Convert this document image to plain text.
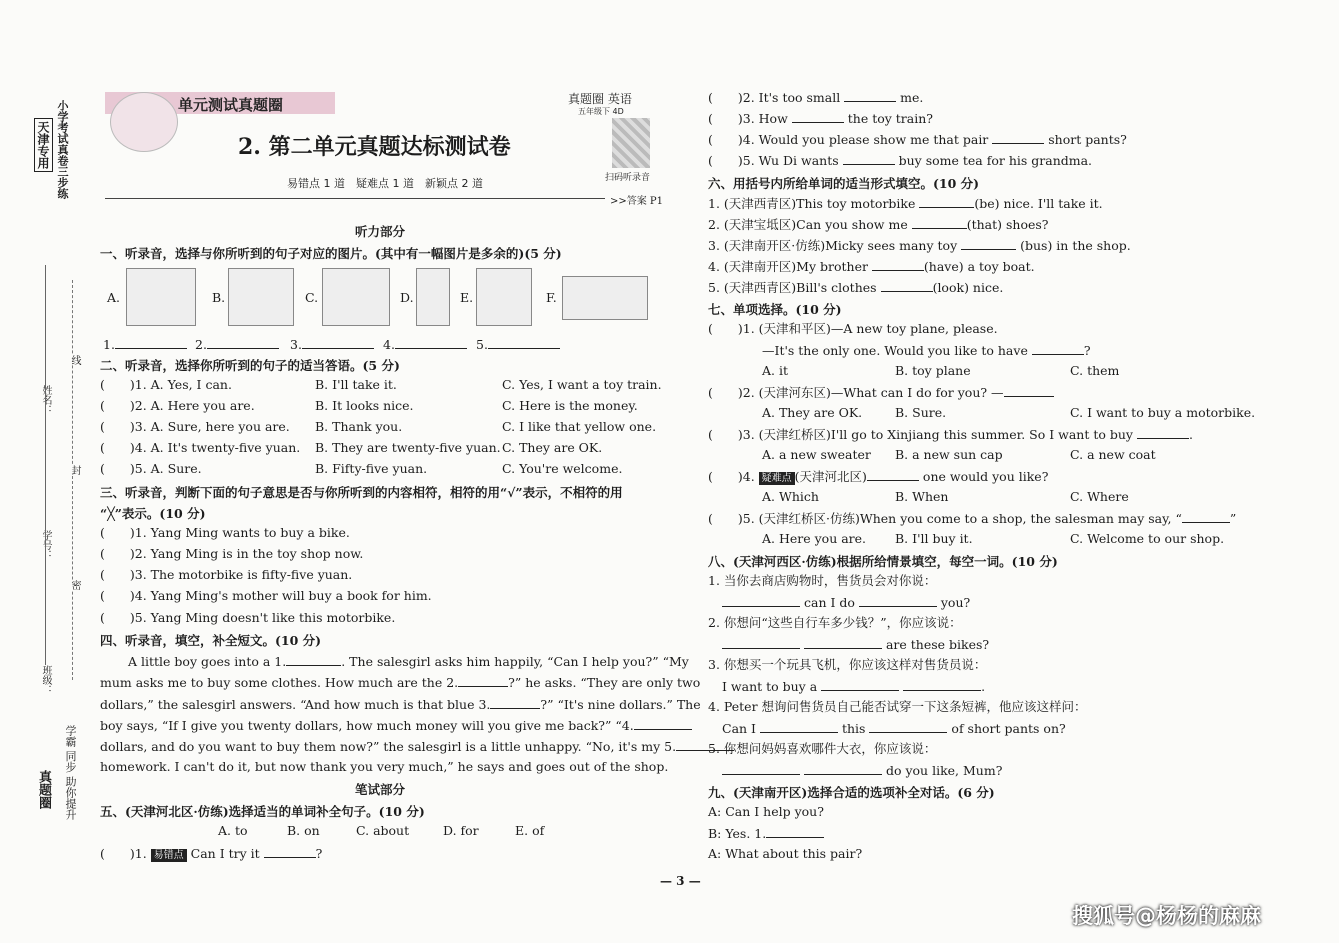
天津专用 小学考试真卷三步练
真题圈	学霸 同步 助你提升
班级：
线
封
密
单元测试真题圈	真题圈 英语
五年级下 4D
2. 第二单元真题达标测试卷
扫码听录音
易错点 1 道　疑难点 1 道　新颖点 2 道
>>答案 P1
听力部分
一、听录音，选择与你所听到的句子对应的图片。(其中有一幅图片是多余的)(5 分)
A.	B.	C.	D.	E.	F.
1.	2.	3.	4.	5.
二、听录音，选择你所听到的句子的适当答语。(5 分)
(　　)1. A. Yes, I can.	B. I'll take it.	C. Yes, I want a toy train.
(　　)2. A. Here you are.	B. It looks nice.	C. Here is the money.
(　　)3. A. Sure, here you are. B. Thank you.	C. I like that yellow one.
(　　)4. A. It's twenty-five yuan. B. They are twenty-five yuan. C. They are OK.
(　　)5. A. Sure.	B. Fifty-five yuan.	C. You're welcome.
三、听录音，判断下面的句子意思是否与你所听到的内容相符，相符的用“√”表示，不相符的用
“╳”表示。(10 分)
(　　)1. Yang Ming wants to buy a bike.
(　　)2. Yang Ming is in the toy shop now.
(　　)3. The motorbike is fifty-five yuan.
(　　)4. Yang Ming's mother will buy a book for him.
(　　)5. Yang Ming doesn't like this motorbike.
四、听录音，填空，补全短文。(10 分)
A little boy goes into a 1.	. The salesgirl asks him happily, “Can I help you?” “My
mum asks me to buy some clothes. How much are the 2.	?” he asks. “They are only two
dollars,” the salesgirl answers. “And how much is that blue 3.	?” “It's nine dollars.” The
boy says, “If I give you twenty dollars, how much money will you give me back?” “4.
dollars, and do you want to buy them now?” the salesgirl is a little unhappy. “No, it's my 5.
homework. I can't do it, but now thank you very much,” he says and goes out of the shop.
笔试部分
五、(天津河北区·仿练)选择适当的单词补全句子。(10 分)
A. to	B. on	C. about	D. for	E. of
(　　)1. 易错点 Can I try it	?
(　　)2. It's too small	me.
(　　)3. How	the toy train?
(　　)4. Would you please show me that pair	short pants?
(　　)5. Wu Di wants	buy some tea for his grandma.
六、用括号内所给单词的适当形式填空。(10 分)
1. (天津西青区)This toy motorbike	(be) nice. I'll take it.
2. (天津宝坻区)Can you show me	(that) shoes?
3. (天津南开区·仿练)Micky sees many toy	(bus) in the shop.
4. (天津南开区)My brother	(have) a toy boat.
5. (天津西青区)Bill's clothes	(look) nice.
七、单项选择。(10 分)
(　　)1. (天津和平区)—A new toy plane, please.
—It's the only one. Would you like to have	?
A. it	B. toy plane	C. them
(　　)2. (天津河东区)—What can I do for you? —
A. They are OK.	B. Sure.	C. I want to buy a motorbike.
(　　)3. (天津红桥区)I'll go to Xinjiang this summer. So I want to buy	.
A. a new sweater B. a new sun cap	C. a new coat
(　　)4. 疑难点 (天津河北区)	one would you like?
A. Which	B. When	C. Where
(　　)5. (天津红桥区·仿练)When you come to a shop, the salesman may say, “	”
A. Here you are. B. I'll buy it.	C. Welcome to our shop.
八、(天津河西区·仿练)根据所给情景填空，每空一词。(10 分)
1. 当你去商店购物时，售货员会对你说：
can I do	you?
2. 你想问“这些自行车多少钱？”，你应该说：
are these bikes?
3. 你想买一个玩具飞机，你应该这样对售货员说：
I want to buy a	.
4. Peter 想询问售货员自己能否试穿一下这条短裤，他应该这样问：
Can I	this	of short pants on?
5. 你想问妈妈喜欢哪件大衣，你应该说：
do you like, Mum?
九、(天津南开区)选择合适的选项补全对话。(6 分)
A: Can I help you?
B: Yes. 1.
A: What about this pair?
— 3 —
搜狐号@杨杨的麻麻
